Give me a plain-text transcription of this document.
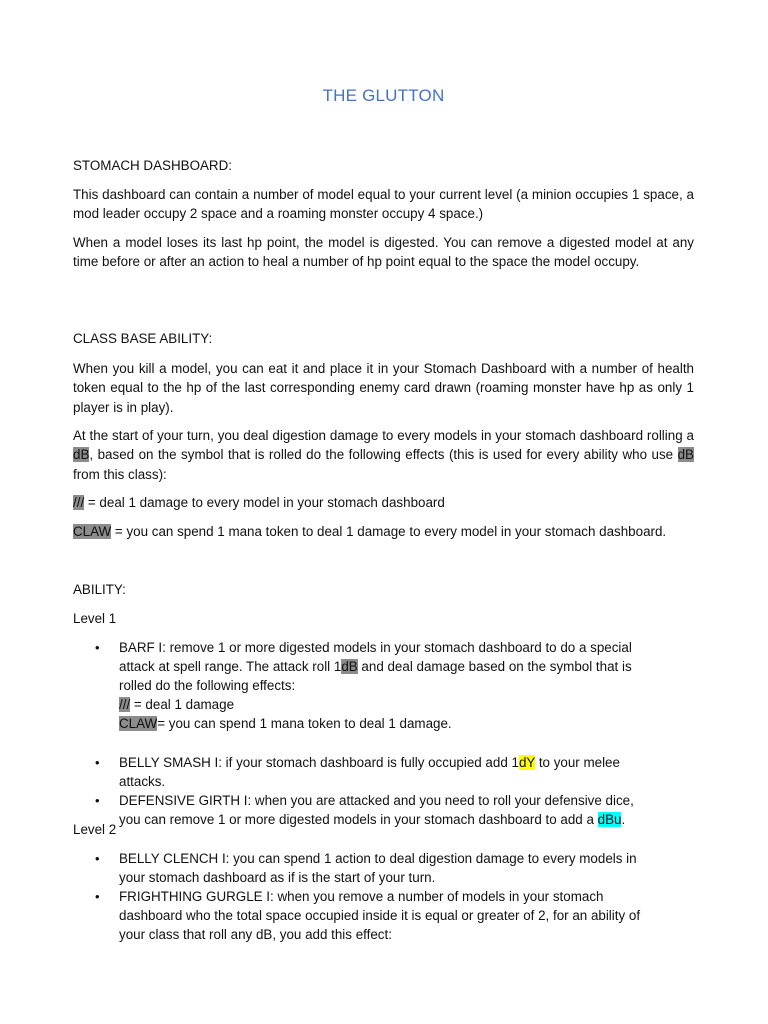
THE GLUTTON
STOMACH DASHBOARD:
This dashboard can contain a number of model equal to your current level (a minion occupies 1 space, a mod leader occupy 2 space and a roaming monster occupy 4 space.)
When a model loses its last hp point, the model is digested. You can remove a digested model at any time before or after an action to heal a number of hp point equal to the space the model occupy.
CLASS BASE ABILITY:
When you kill a model, you can eat it and place it in your Stomach Dashboard with a number of health token equal to the hp of the last corresponding enemy card drawn (roaming monster have hp as only 1 player is in play).
At the start of your turn, you deal digestion damage to every models in your stomach dashboard rolling a dB, based on the symbol that is rolled do the following effects (this is used for every ability who use dB from this class):
/// = deal 1 damage to every model in your stomach dashboard
CLAW = you can spend 1 mana token to deal 1 damage to every model in your stomach dashboard.
ABILITY:
Level 1
• BARF I: remove 1 or more digested models in your stomach dashboard to do a special attack at spell range. The attack roll 1dB and deal damage based on the symbol that is rolled do the following effects:
/// = deal 1 damage
CLAW= you can spend 1 mana token to deal 1 damage.
• BELLY SMASH I: if your stomach dashboard is fully occupied add 1dY to your melee attacks.
• DEFENSIVE GIRTH I: when you are attacked and you need to roll your defensive dice, you can remove 1 or more digested models in your stomach dashboard to add a dBu.
Level 2
• BELLY CLENCH I: you can spend 1 action to deal digestion damage to every models in your stomach dashboard as if is the start of your turn.
• FRIGHTHING GURGLE I: when you remove a number of models in your stomach dashboard who the total space occupied inside it is equal or greater of 2, for an ability of your class that roll any dB, you add this effect:
